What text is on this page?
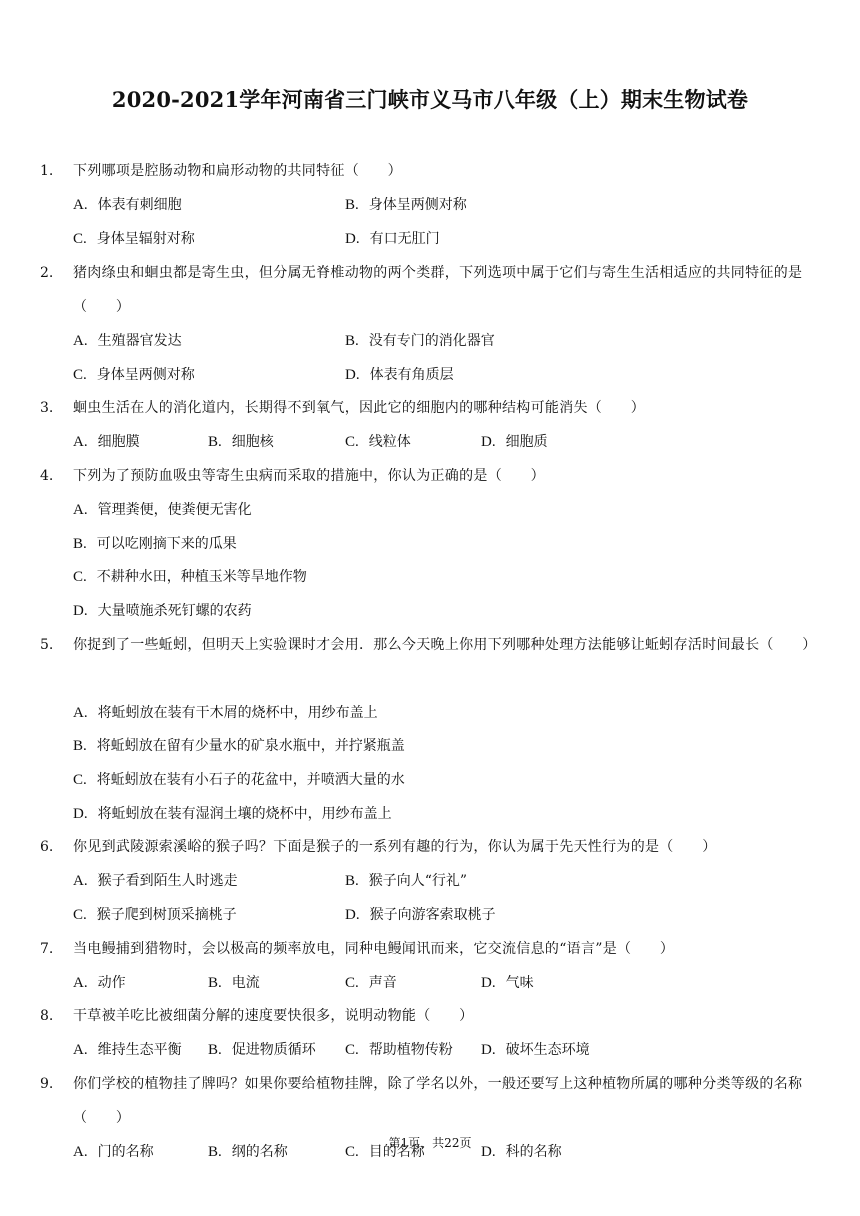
2020-2021学年河南省三门峡市义马市八年级（上）期末生物试卷
1. 下列哪项是腔肠动物和扁形动物的共同特征（　　）
A. 体表有刺细胞	B. 身体呈两侧对称
C. 身体呈辐射对称	D. 有口无肛门
2. 猪肉绦虫和蛔虫都是寄生虫，但分属无脊椎动物的两个类群，下列选项中属于它们与寄生生活相适应的共同特征的是（　　）
A. 生殖器官发达	B. 没有专门的消化器官
C. 身体呈两侧对称	D. 体表有角质层
3. 蛔虫生活在人的消化道内，长期得不到氧气，因此它的细胞内的哪种结构可能消失（　　）
A. 细胞膜	B. 细胞核	C. 线粒体	D. 细胞质
4. 下列为了预防血吸虫等寄生虫病而采取的措施中，你认为正确的是（　　）
A. 管理粪便，使粪便无害化
B. 可以吃刚摘下来的瓜果
C. 不耕种水田，种植玉米等旱地作物
D. 大量喷施杀死钉螺的农药
5. 你捉到了一些蚯蚓，但明天上实验课时才会用．那么今天晚上你用下列哪种处理方法能够让蚯蚓存活时间最长（　　）
A. 将蚯蚓放在装有干木屑的烧杯中，用纱布盖上
B. 将蚯蚓放在留有少量水的矿泉水瓶中，并拧紧瓶盖
C. 将蚯蚓放在装有小石子的花盆中，并喷洒大量的水
D. 将蚯蚓放在装有湿润土壤的烧杯中，用纱布盖上
6. 你见到武陵源索溪峪的猴子吗？下面是猴子的一系列有趣的行为，你认为属于先天性行为的是（　　）
A. 猴子看到陌生人时逃走	B. 猴子向人“行礼”
C. 猴子爬到树顶采摘桃子	D. 猴子向游客索取桃子
7. 当电鳗捕到猎物时，会以极高的频率放电，同种电鳗闻讯而来，它交流信息的“语言”是（　　）
A. 动作	B. 电流	C. 声音	D. 气味
8. 干草被羊吃比被细菌分解的速度要快很多，说明动物能（　　）
A. 维持生态平衡 B. 促进物质循环 C. 帮助植物传粉 D. 破坏生态环境
9. 你们学校的植物挂了牌吗？如果你要给植物挂牌，除了学名以外，一般还要写上这种植物所属的哪种分类等级的名称（　　）
A. 门的名称	B. 纲的名称	C. 目的名称	D. 科的名称
第1页，共22页
